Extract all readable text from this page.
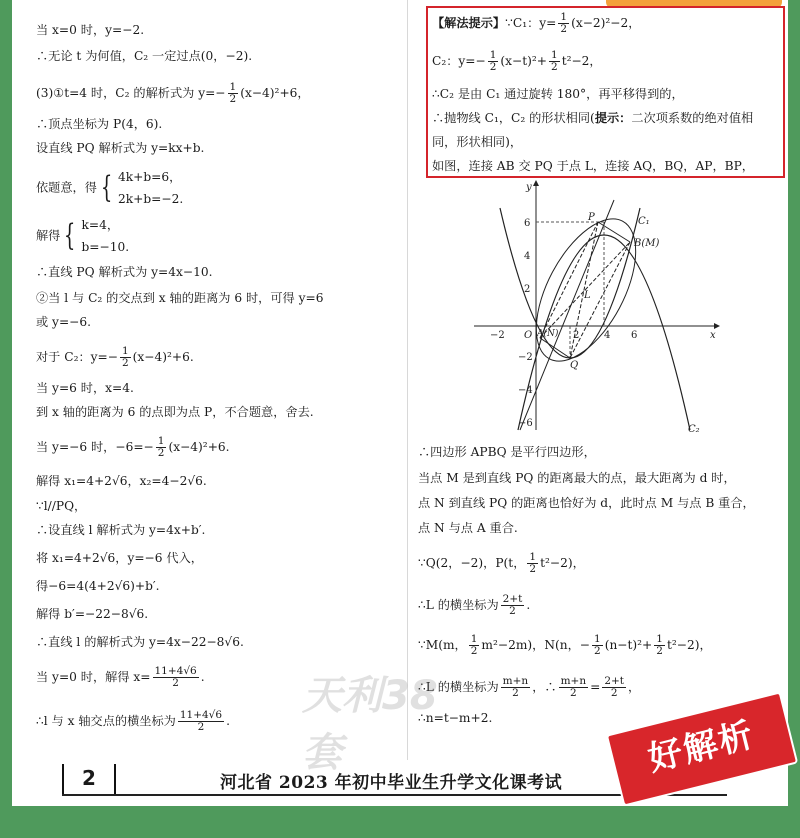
当 x=0 时，y=−2.
∴无论 t 为何值，C₂ 一定过点(0，−2).
(3)①t=4 时，C₂ 的解析式为 $y=- \frac{1}{2} (x-4)^2+6$，
∴顶点坐标为 P(4，6).
设直线 PQ 解析式为 y=kx+b.
依题意，得 { 4k+b=6，
2k+b=−2.
解得 { k=4，
b=−10.
∴直线 PQ 解析式为 y=4x−10.
②当 l 与 C₂ 的交点到 x 轴的距离为 6 时，可得 y=6
或 y=−6.
对于 C₂：$y=- \frac{1}{2} (x-4)^2+6$.
当 y=6 时，x=4.
到 x 轴的距离为 6 的点即为点 P，不合题意，舍去.
当 y=−6 时，$-6=- \frac{1}{2} (x-4)^2+6$.
解得 x₁=4+2√6，x₂=4−2√6.
∵l//PQ，
∴设直线 l 解析式为 y=4x+b′.
将 x₁=4+2√6，y=−6 代入，
得−6=4(4+2√6)+b′.
解得 b′=−22−8√6.
∴直线 l 的解析式为 y=4x−22−8√6.
当 y=0 时，解得 $x= \frac{11+4√6}{2}$ .
∴l 与 x 轴交点的横坐标为 $\frac{11+4√6}{2}$ .
【解法提示】∵C₁：$y= \frac{1}{2} (x-2)^2-2$，
C₂：$y=- \frac{1}{2} (x-t)^2+ \frac{1}{2} t^2-2$，
∴C₂ 是由 C₁ 通过旋转 180°，再平移得到的，
∴抛物线 C₁，C₂ 的形状相同(提示：二次项系数的绝对值相
同，形状相同)，
如图，连接 AB 交 PQ 于点 L，连接 AQ，BQ，AP，BP，
x
y
O
−2	2 4 6
6
4
2
−2
−4
−6
P	C₁
B(M)
L
A(N)
Q
C₂
∴四边形 APBQ 是平行四边形，
当点 M 是到直线 PQ 的距离最大的点，最大距离为 d 时，
点 N 到直线 PQ 的距离也恰好为 d，此时点 M 与点 B 重合，
点 N 与点 A 重合.
∵Q(2，−2)，P(t， $\frac{1}{2} t^2-2$)，
∴L 的横坐标为 $\frac{2+t}{2}$ .
∵M(m， $\frac{1}{2} m^2-2m$)，N(n，− $\frac{1}{2} (n-t)^2+ \frac{1}{2} t^2-2$)，
∴L 的横坐标为 $\frac{m+n}{2}$ ，∴ $\frac{m+n}{2} = \frac{2+t}{2}$ ，
∴n=t−m+2.
天利38套
2	河北省 2023 年初中毕业生升学文化课考试
好解析
